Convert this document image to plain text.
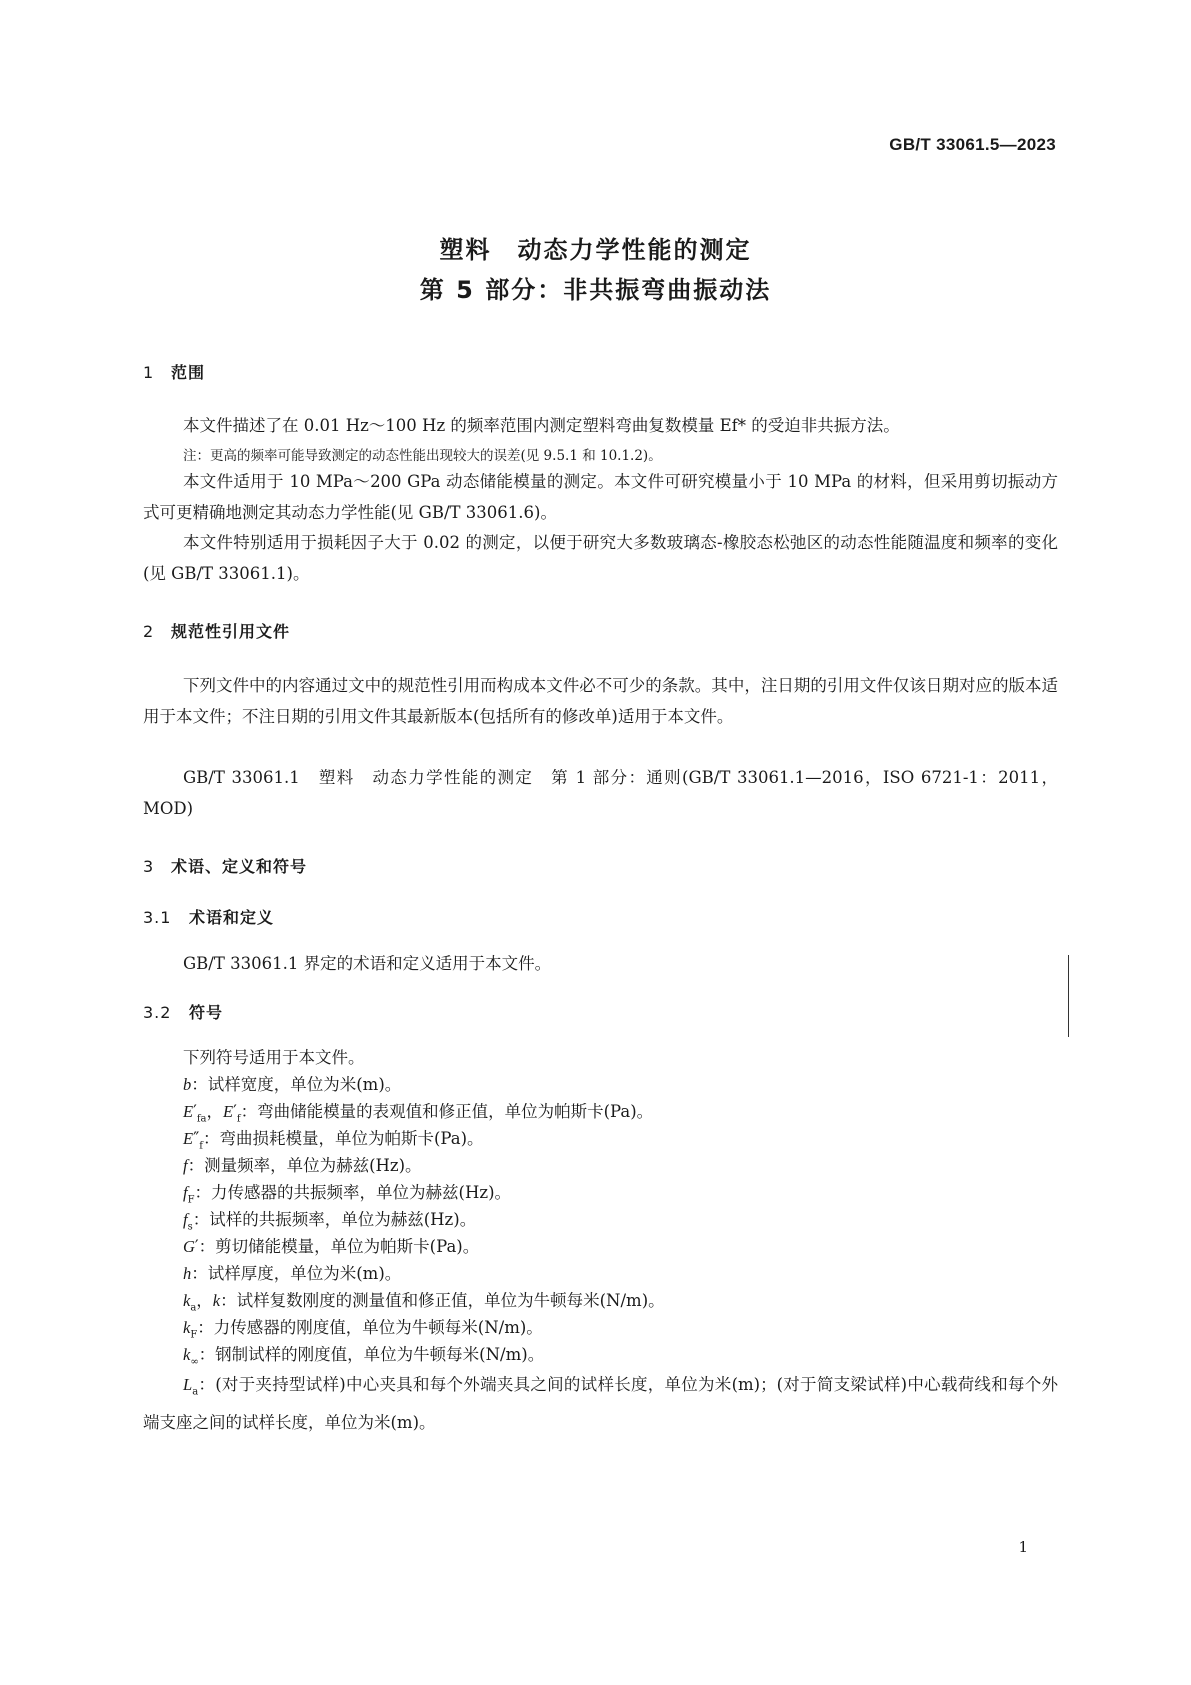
GB/T 33061.5—2023
塑料　动态力学性能的测定
第 5 部分：非共振弯曲振动法
1 范围
本文件描述了在 0.01 Hz～100 Hz 的频率范围内测定塑料弯曲复数模量 Ef* 的受迫非共振方法。
注：更高的频率可能导致测定的动态性能出现较大的误差(见 9.5.1 和 10.1.2)。
本文件适用于 10 MPa～200 GPa 动态储能模量的测定。本文件可研究模量小于 10 MPa 的材料，但采用剪切振动方式可更精确地测定其动态力学性能(见 GB/T 33061.6)。
本文件特别适用于损耗因子大于 0.02 的测定，以便于研究大多数玻璃态-橡胶态松弛区的动态性能随温度和频率的变化(见 GB/T 33061.1)。
2 规范性引用文件
下列文件中的内容通过文中的规范性引用而构成本文件必不可少的条款。其中，注日期的引用文件仅该日期对应的版本适用于本文件；不注日期的引用文件其最新版本(包括所有的修改单)适用于本文件。
GB/T 33061.1　塑料　动态力学性能的测定　第 1 部分：通则(GB/T 33061.1—2016，ISO 6721-1：2011，MOD)
3 术语、定义和符号
3.1 术语和定义
GB/T 33061.1 界定的术语和定义适用于本文件。
3.2 符号
下列符号适用于本文件。
b：试样宽度，单位为米(m)。
$E'_{fa}$，$E'_f$：弯曲储能模量的表观值和修正值，单位为帕斯卡(Pa)。
$E''_f$：弯曲损耗模量，单位为帕斯卡(Pa)。
f：测量频率，单位为赫兹(Hz)。
$f_F$：力传感器的共振频率，单位为赫兹(Hz)。
$f_s$：试样的共振频率，单位为赫兹(Hz)。
G′：剪切储能模量，单位为帕斯卡(Pa)。
h：试样厚度，单位为米(m)。
$k_a$，k：试样复数刚度的测量值和修正值，单位为牛顿每米(N/m)。
$k_F$：力传感器的刚度值，单位为牛顿每米(N/m)。
$k_\infty$：钢制试样的刚度值，单位为牛顿每米(N/m)。
$L_a$：(对于夹持型试样)中心夹具和每个外端夹具之间的试样长度，单位为米(m)；(对于简支梁试样)中心载荷线和每个外端支座之间的试样长度，单位为米(m)。
1
